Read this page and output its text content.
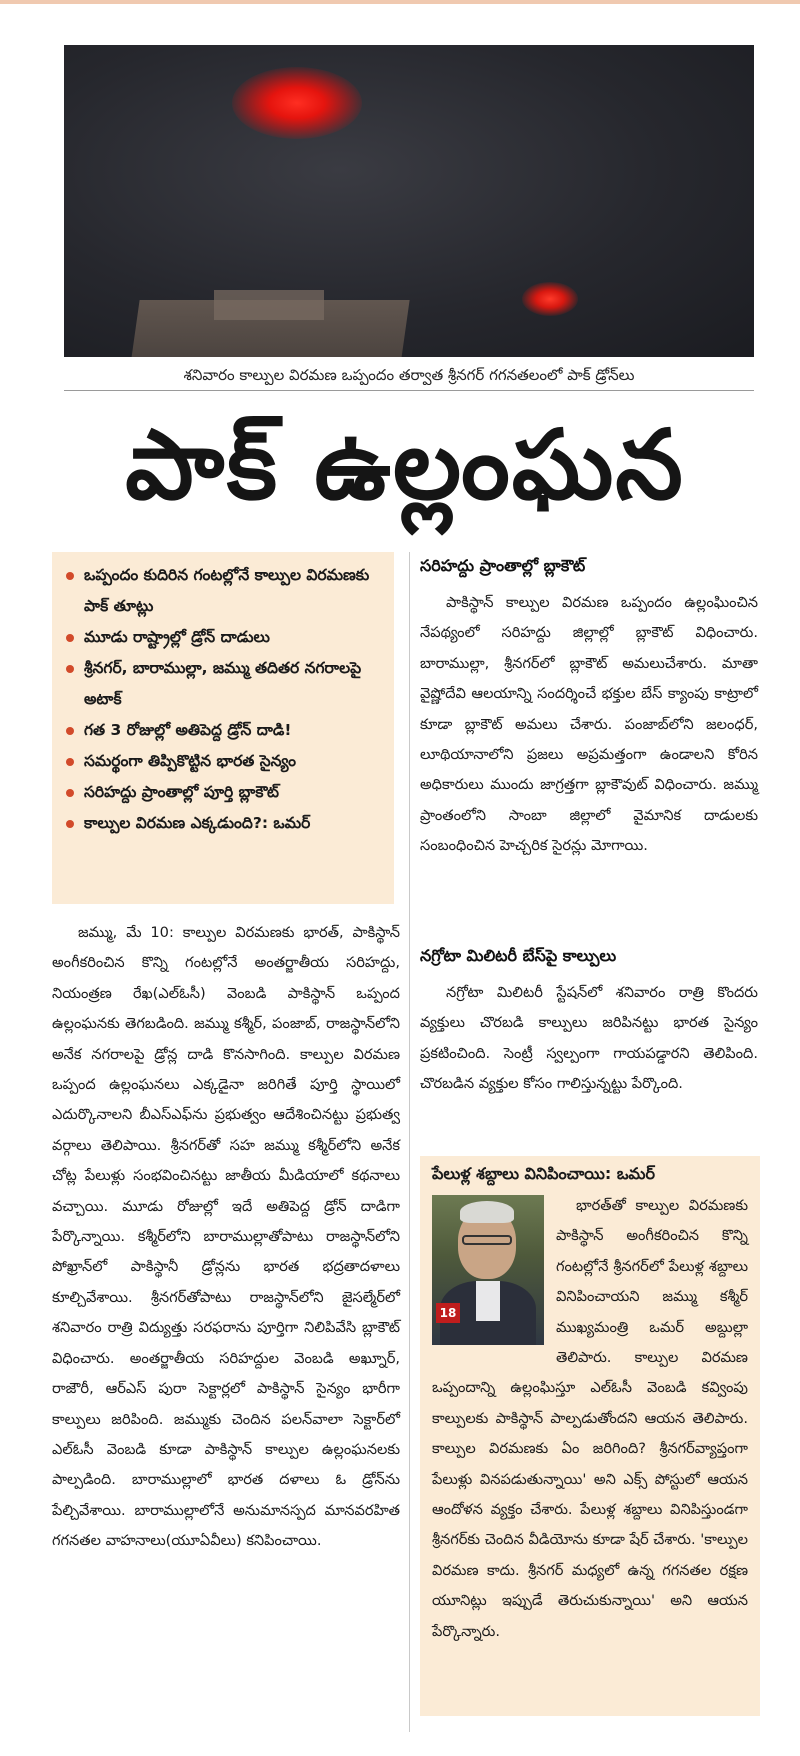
శనివారం కాల్పుల విరమణ ఒప్పందం తర్వాత శ్రీనగర్ గగనతలంలో పాక్ డ్రోన్‌లు
పాక్ ఉల్లంఘన
ఒప్పందం కుదిరిన గంటల్లోనే కాల్పుల విరమణకు పాక్ తూట్లు
మూడు రాష్ట్రాల్లో డ్రోన్ దాడులు
శ్రీనగర్, బారాముల్లా, జమ్ము తదితర నగరాలపై అటాక్
గత 3 రోజుల్లో అతిపెద్ద డ్రోన్ దాడి!
సమర్థంగా తిప్పికొట్టిన భారత సైన్యం
సరిహద్దు ప్రాంతాల్లో పూర్తి బ్లాకౌట్
కాల్పుల విరమణ ఎక్కడుంది?: ఒమర్

జమ్ము, మే 10: కాల్పుల విరమణకు భారత్, పాకిస్థాన్ అంగీకరించిన కొన్ని గంటల్లోనే అంతర్జాతీయ సరిహద్దు, నియంత్రణ రేఖ(ఎల్‌ఓసీ) వెంబడి పాకిస్థాన్ ఒప్పంద ఉల్లంఘనకు తెగబడింది. జమ్ము కశ్మీర్, పంజాబ్, రాజస్థాన్‌లోని అనేక నగరాలపై డ్రోన్ల దాడి కొనసాగింది. కాల్పుల విరమణ ఒప్పంద ఉల్లంఘనలు ఎక్కడైనా జరిగితే పూర్తి స్థాయిలో ఎదుర్కొనాలని బీఎస్ఎఫ్‌ను ప్రభుత్వం ఆదేశించినట్టు ప్రభుత్వ వర్గాలు తెలిపాయి. శ్రీనగర్‌తో సహ జమ్ము కశ్మీర్‌లోని అనేక చోట్ల పేలుళ్లు సంభవించినట్టు జాతీయ మీడియాలో కథనాలు వచ్చాయి. మూడు రోజుల్లో ఇదే అతిపెద్ద డ్రోన్ దాడిగా పేర్కొన్నాయి. కశ్మీర్‌లోని బారాముల్లాతోపాటు రాజస్థాన్‌లోని పోఖ్రాన్‌లో పాకిస్థానీ డ్రోన్లను భారత భద్రతాదళాలు కూల్చివేశాయి. శ్రీనగర్‌తోపాటు రాజస్థాన్‌లోని జైసల్మేర్‌లో శనివారం రాత్రి విద్యుత్తు సరఫరాను పూర్తిగా నిలిపివేసి బ్లాకౌట్ విధించారు. అంతర్జాతీయ సరిహద్దుల వెంబడి అఖ్నూర్, రాజౌరీ, ఆర్ఎస్ పురా సెక్టార్లలో పాకిస్థాన్ సైన్యం భారీగా కాల్పులు జరిపింది. జమ్ముకు చెందిన పలన్‌వాలా సెక్టార్‌లో ఎల్‌ఓసీ వెంబడి కూడా పాకిస్థాన్ కాల్పుల ఉల్లంఘనలకు పాల్పడింది. బారాముల్లాలో భారత దళాలు ఓ డ్రోన్‌ను పేల్చివేశాయి. బారాముల్లాలోనే అనుమానస్పద మానవరహిత గగనతల వాహనాలు(యూఏవీలు) కనిపించాయి.

సరిహద్దు ప్రాంతాల్లో బ్లాకౌట్

పాకిస్థాన్ కాల్పుల విరమణ ఒప్పందం ఉల్లంఘించిన నేపథ్యంలో సరిహద్దు జిల్లాల్లో బ్లాకౌట్ విధించారు. బారాముల్లా, శ్రీనగర్‌లో బ్లాకౌట్ అమలుచేశారు. మాతా వైష్ణోదేవి ఆలయాన్ని సందర్శించే భక్తుల బేస్ క్యాంపు కాట్రాలో కూడా బ్లాకౌట్ అమలు చేశారు. పంజాబ్‌లోని జలంధర్, లూథియానాలోని ప్రజలు అప్రమత్తంగా ఉండాలని కోరిన అధికారులు ముందు జాగ్రత్తగా బ్లాకౌవుట్ విధించారు. జమ్ము ప్రాంతంలోని సాంబా జిల్లాలో వైమానిక దాడులకు సంబంధించిన హెచ్చరిక సైరన్లు మోగాయి.

నగ్రోటా మిలిటరీ బేస్‌పై కాల్పులు

నగ్రోటా మిలిటరీ స్టేషన్‌లో శనివారం రాత్రి కొందరు వ్యక్తులు చొరబడి కాల్పులు జరిపినట్టు భారత సైన్యం ప్రకటించింది. సెంట్రీ స్వల్పంగా గాయపడ్డారని తెలిపింది. చొరబడిన వ్యక్తుల కోసం గాలిస్తున్నట్టు పేర్కొంది.

పేలుళ్ల శబ్దాలు వినిపించాయి: ఒమర్
18

భారత్‌తో కాల్పుల విరమణకు పాకిస్థాన్ అంగీకరించిన కొన్ని గంటల్లోనే శ్రీనగర్‌లో పేలుళ్ల శబ్దాలు వినిపించాయని జమ్ము కశ్మీర్ ముఖ్యమంత్రి ఒమర్ అబ్దుల్లా తెలిపారు. కాల్పుల విరమణ ఒప్పందాన్ని ఉల్లంఘిస్తూ ఎల్‌ఓసీ వెంబడి కవ్వింపు కాల్పులకు పాకిస్థాన్ పాల్పడుతోందని ఆయన తెలిపారు. కాల్పుల విరమణకు ఏం జరిగింది? శ్రీనగర్‌వ్యాప్తంగా పేలుళ్లు వినపడుతున్నాయి' అని ఎక్స్ పోస్టులో ఆయన ఆందోళన వ్యక్తం చేశారు. పేలుళ్ల శబ్దాలు వినిపిస్తుండగా శ్రీనగర్‌కు చెందిన వీడియోను కూడా షేర్ చేశారు. 'కాల్పుల విరమణ కాదు. శ్రీనగర్ మధ్యలో ఉన్న గగనతల రక్షణ యూనిట్లు ఇప్పుడే తెరుచుకున్నాయి' అని ఆయన పేర్కొన్నారు.
